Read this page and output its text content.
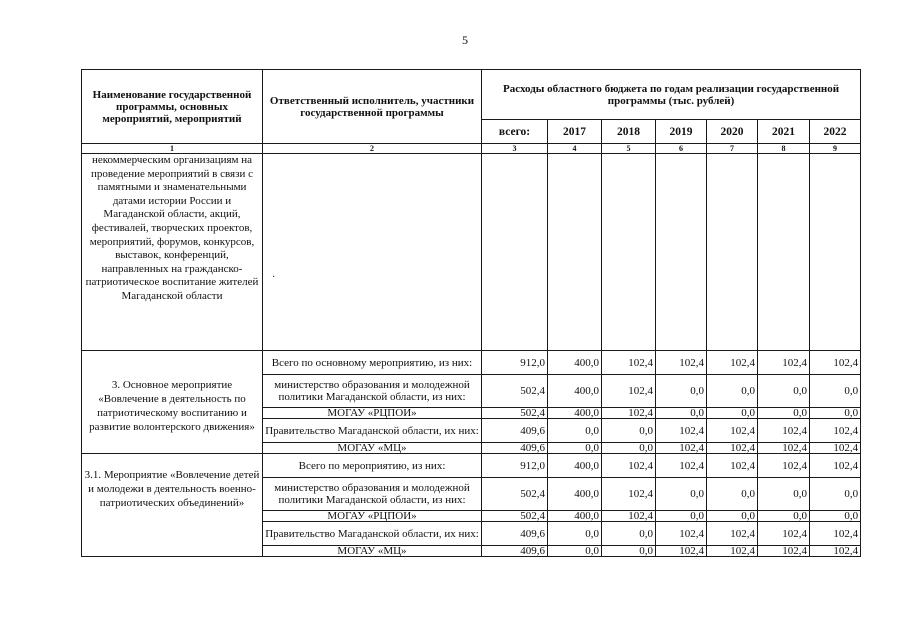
5
Наименование государственной программы, основных мероприятий, мероприятий	Ответственный исполнитель, участники государственной программы	Расходы областного бюджета по годам реализации государственной программы (тыс. рублей)						
		всего:	2017	2018	2019	2020	2021	2022
1	2	3	4	5	6	7	8	9
некоммерческим организациям на проведение мероприятий в связи с памятными и знаменательными датами истории России и Магаданской области, акций, фестивалей, творческих проектов, мероприятий, форумов, конкурсов, выставок, конференций, направленных на гражданско-патриотическое воспитание жителей Магаданской области								
3. Основное мероприятие «Вовлечение в деятельность по патриотическому воспитанию и развитие волонтерского движения»	Всего по основному мероприятию, из них:	912,0	400,0	102,4	102,4	102,4	102,4	102,4
	министерство образования и молодежной политики Магаданской области, из них:	502,4	400,0	102,4	0,0	0,0	0,0	0,0
	МОГАУ «РЦПОИ»	502,4	400,0	102,4	0,0	0,0	0,0	0,0
	Правительство Магаданской области, их них:	409,6	0,0	0,0	102,4	102,4	102,4	102,4
	МОГАУ «МЦ»	409,6	0,0	0,0	102,4	102,4	102,4	102,4
3.1. Мероприятие «Вовлечение детей и молодежи в деятельность военно-патриотических объединений»	Всего по мероприятию, из них:	912,0	400,0	102,4	102,4	102,4	102,4	102,4
	министерство образования и молодежной политики Магаданской области, из них:	502,4	400,0	102,4	0,0	0,0	0,0	0,0
	МОГАУ «РЦПОИ»	502,4	400,0	102,4	0,0	0,0	0,0	0,0
	Правительство Магаданской области, их них:	409,6	0,0	0,0	102,4	102,4	102,4	102,4
	МОГАУ «МЦ»	409,6	0,0	0,0	102,4	102,4	102,4	102,4
·
